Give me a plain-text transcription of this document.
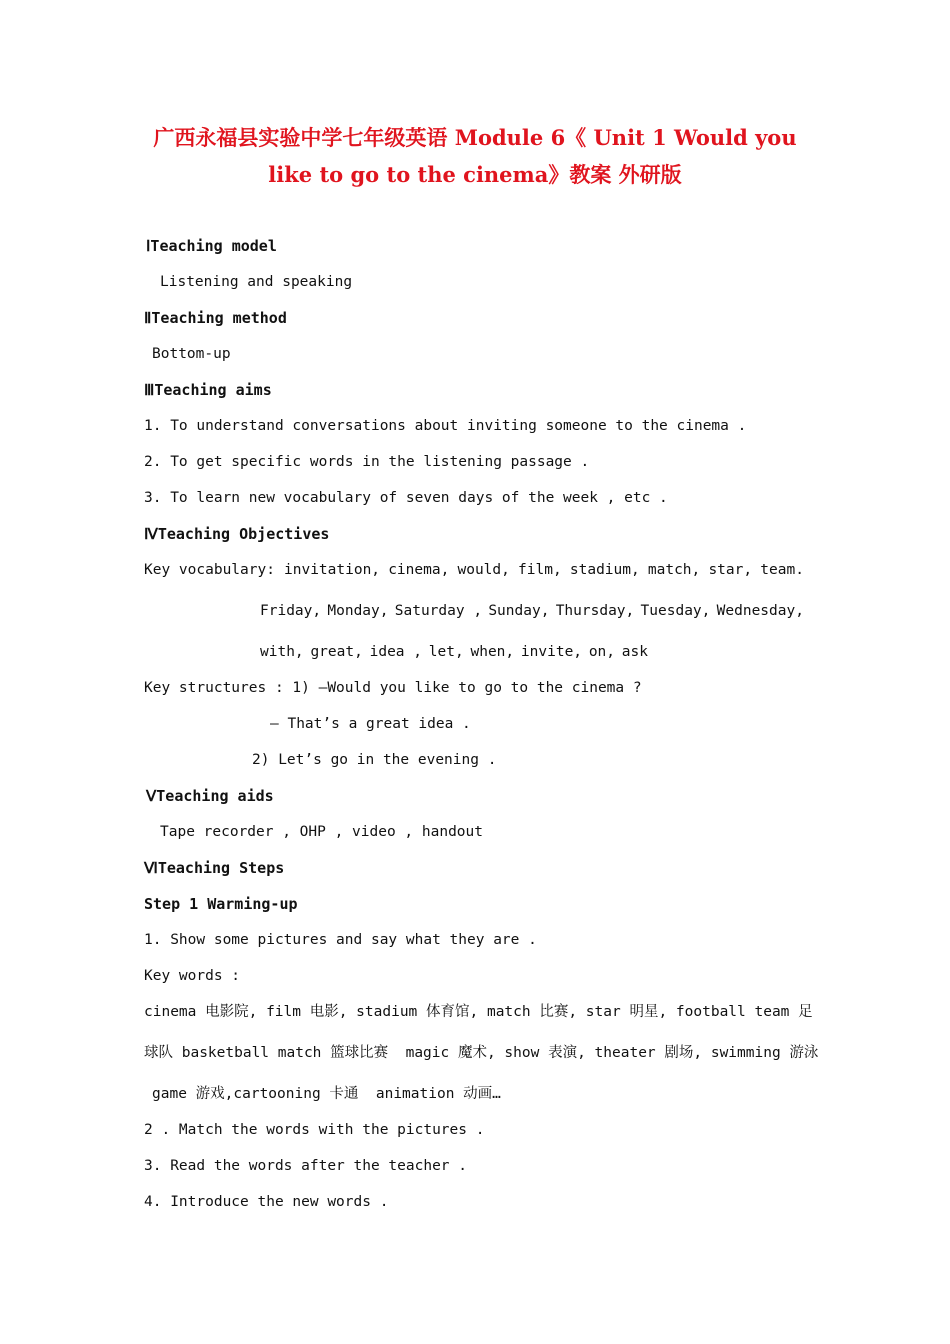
广西永福县实验中学七年级英语 Module 6《 Unit 1 Would you
like to go to the cinema》教案 外研版
ⅠTeaching model
Listening and speaking
ⅡTeaching method
Bottom-up
ⅢTeaching aims
1. To understand conversations about inviting someone to the cinema .
2. To get specific words in the listening passage .
3. To learn new vocabulary of seven days of the week , etc .
ⅣTeaching Objectives
Key vocabulary: invitation, cinema, would, film, stadium, match, star, team.
Friday, Monday, Saturday , Sunday, Thursday, Tuesday, Wednesday,
with, great, idea , let, when, invite, on, ask
Key structures : 1) —Would you like to go to the cinema ?
— That’s a great idea .
2) Let’s go in the evening .
ⅤTeaching aids
Tape recorder , OHP , video , handout
ⅥTeaching Steps
Step 1 Warming-up
1. Show some pictures and say what they are .
Key words :
cinema 电影院, film 电影, stadium 体育馆, match 比赛, star 明星, football team 足
球队 basketball match 篮球比赛  magic 魔术, show 表演, theater 剧场, swimming 游泳
game 游戏,cartooning 卡通  animation 动画…
2 . Match the words with the pictures .
3. Read the words after the teacher .
4. Introduce the new words .
